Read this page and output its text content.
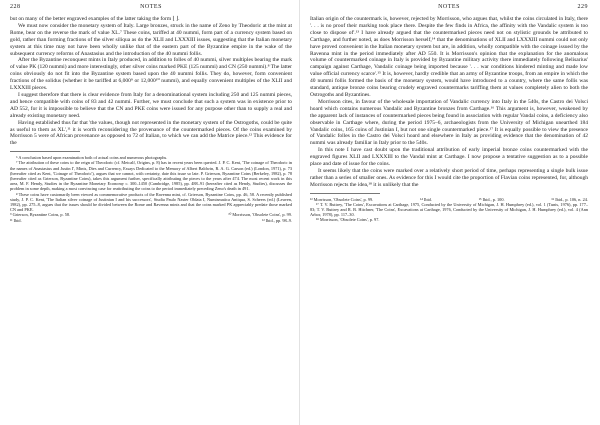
228	NOTES

but on many of the better engraved examples of the latter taking the form ⌊ ⌋.

We must now consider the monetary system of Italy. Large bronzes, struck in the name of Zeno by Theodoric at the mint at Rome, bear on the reverse the mark of value XL.⁷ These coins, tariffed at 40 nummi, form part of a currency system based on gold, rather than forming fractions of the silver siliqua as do the XLII and LXXXIII issues, suggesting that the Italian monetary system at this time may not have been wholly unlike that of the eastern part of the Byzantine empire in the wake of the subsequent currency reforms of Anastasius and the introduction of the 40 nummi follis.

After the Byzantine reconquest mints in Italy produced, in addition to folles of 40 nummi, silver multiples bearing the mark of value ΡΚ (120 nummi) and more interestingly, other silver coins marked ΡΚΕ (125 nummi) and CN (250 nummi).⁸ The latter coins obviously do not fit into the Byzantine system based upon the 40 nummi follis. They do, however, form convenient fractions of the solidus (whether it be tariffed at 6,000⁹ or 12,000¹⁰ nummi), and equally convenient multiples of the XLII and LXXXIII pieces.

I suggest therefore that there is clear evidence from Italy for a denominational system including 250 and 125 nummi pieces, and hence compatible with coins of 83 and 42 nummi. Further, we must conclude that such a system was in existence prior to AD 552, for it is impossible to believe that the CN and ΡΚΕ coins were issued for any purpose other than to supply a real and already existing monetary need.

Having established thus far that 'the values, though not represented in the monetary system of the Ostrogoths, could be quite as useful to them as XL',¹¹ it is worth reconsidering the provenance of the countermarked pieces. Of the coins examined by Morrisson 5 were of African provenance as opposed to 72 of Italian, to which we can add the Matrice piece.¹² This evidence for the

⁶ A conclusion based upon examination both of actual coins and numerous photographs.

⁷ The attribution of these coins to the reign of Theodoric (cf. Metcalf, Origins, p. 8) has in recent years been queried. J. P. C. Kent, 'The coinage of Theodoric in the names of Anastasius and Justin I', Mints, Dies and Currency, Essays Dedicated to the Memory of Albert Baldwin, R. A. G. Carson (ed.) (London, 1971), p. 73 (hereafter cited as Kent, 'Coinage of Theodoric'), argues that we cannot, with certainty, date this issue so late. P. Grierson, Byzantine Coins (Berkeley, 1982), p. 78 (hereafter cited as Grierson, Byzantine Coins), takes this argument further, specifically attributing the pieces to the years after 474. The most recent work in this area, M. F. Hendy, Studies in the Byzantine Monetary Economy c. 300–1450 (Cambridge, 1985), pp. 488–91 (hereafter cited as Hendy, Studies), discusses the problem in some depth, making a most convincing case for reattributing the coins to the period immediately preceding Zeno's death in 491.

⁸ These coins have customarily been viewed as commemorative products of the Ravenna mint, cf. Grierson, Byzantine Coins, pp. 46, 58. A recently published study, J. P. C. Kent, 'The Italian silver coinage of Justinian I and his successors', Studia Paulo Naster Oblata I, Numismatica Antiqua, S. Scheers (ed.) (Leuven, 1982), pp. 275–8, argues that the issues should be divided between the Rome and Ravenna mints and that the coins marked ΡΚ appreciably predate those marked CN and ΡΚΕ.

⁹ Grierson, Byzantine Coins, p. 58.	¹⁰ Morrisson, 'Obsolete Coins', p. 99.
¹¹ Ibid.	¹² Ibid., pp. 98–9.
NOTES	229

Italian origin of the countermark is, however, rejected by Morrisson, who argues that, whilst the coins circulated in Italy, there '. . . is no proof their marking took place there. Despite the few finds in Africa, the affinity with the Vandalic system is too close to dispose of'.¹³ I have already argued that the countermarked pieces need not on stylistic grounds be attributed to Carthage, and further noted, as does Morrisson herself,¹⁴ that the denominations of XLII and LXXXIII nummi could not only have proved convenient in the Italian monetary system but are, in addition, wholly compatible with the coinage issued by the Ravenna mint in the period immediately after AD 550. It is Morrisson's opinion that the explanation for the anomalous volume of countermarked coinage in Italy is provided by Byzantine military activity there immediately following Belisarius' campaign against Carthage, Vandalic coinage being imported because '. . . war conditions hindered minting and made low value official currency scarce'.¹⁵ It is, however, hardly credible that an army of Byzantine troops, from an empire in which the 40 nummi follis formed the basis of the monetary system, would have introduced to a country, where the same follis was standard, antique bronze coins bearing crudely engraved countermarks tariffing them at values completely alien to both the Ostrogoths and Byzantines.

Morrisson cites, in favour of the wholesale importation of Vandalic currency into Italy in the 540s, the Castro dei Volsci hoard which contains numerous Vandalic and Byzantine bronzes from Carthage.¹⁶ This argument is, however, weakened by the apparent lack of instances of countermarked pieces being found in association with regular Vandal coins, a deficiency also observable in Carthage where, during the period 1975–6, archaeologists from the University of Michigan unearthed 184 Vandalic coins, 165 coins of Justinian I, but not one single countermarked piece.¹⁷ It is equally possible to view the presence of Vandalic folles in the Castro dei Volsci hoard and elsewhere in Italy as providing evidence that the denomination of 42 nummi was already familiar in Italy prior to the 540s.

In this note I have cast doubt upon the traditional attribution of early imperial bronze coins countermarked with the engraved figures XLII and LXXXIII to the Vandal mint at Carthage. I now propose a tentative suggestion as to a possible place and date of issue for the coins.

It seems likely that the coins were marked over a relatively short period of time, perhaps representing a single bulk issue rather than a series of smaller ones. As evidence for this I would cite the proportion of Flavian coins represented, for, although Morrisson rejects the idea,¹⁸ it is unlikely that the

¹³ Morrisson, 'Obsolete Coins', p. 99.	¹⁴ Ibid.	¹⁵ Ibid., p. 100.	¹⁶ Ibid., p. 106, n. 24.

¹⁷ T. V. Buttrey, 'The Coins', Excavations at Carthage, 1975, Conducted by the University of Michigan, J. H. Humphrey (ed.), vol. 1 (Tunis, 1976), pp. 177–83; T. V. Buttrey and R. B. Hitchner, 'The Coins', Excavations at Carthage, 1976, Conducted by the University of Michigan, J. H. Humphrey (ed.), vol. 4 (Ann Arbor, 1978), pp. 117–30.

¹⁸ Morrisson, 'Obsolete Coins', p. 97.
